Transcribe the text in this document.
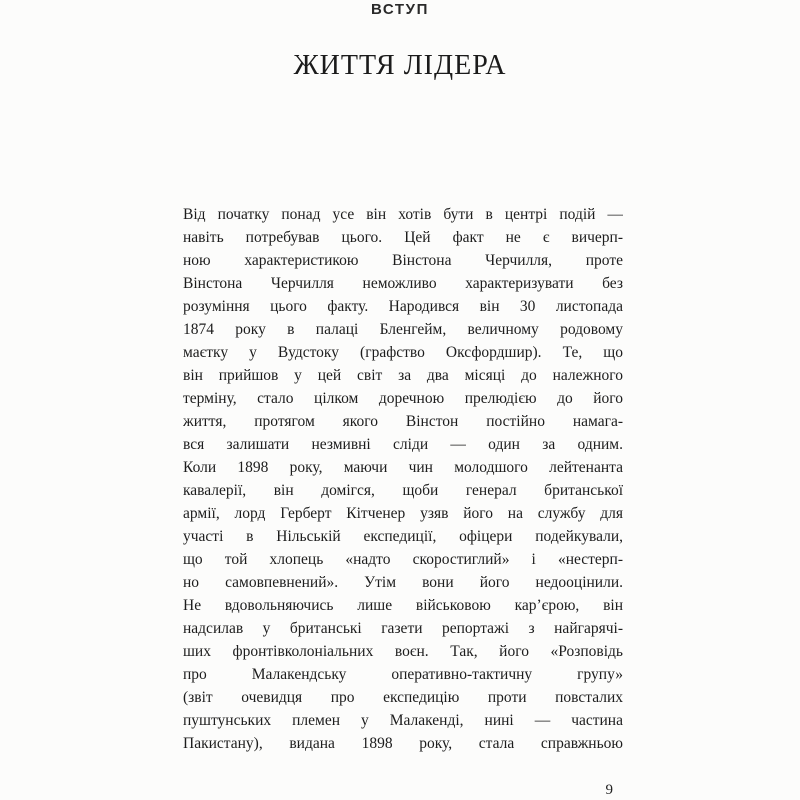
ВСТУП
ЖИТТЯ ЛІДЕРА
Від початку понад усе він хотів бути в центрі подій —
навіть потребував цього. Цей факт не є вичерп-
ною характеристикою Вінстона Черчилля, проте
Вінстона Черчилля неможливо характеризувати без
розуміння цього факту. Народився він 30 листопада
1874 року в палаці Бленгейм, величному родовому
маєтку у Вудстоку (графство Оксфордшир). Те, що
він прийшов у цей світ за два місяці до належного
терміну, стало цілком доречною прелюдією до його
життя, протягом якого Вінстон постійно намага-
вся залишати незмивні сліди — один за одним.
Коли 1898 року, маючи чин молодшого лейтенанта
кавалерії, він домігся, щоби генерал британської
армії, лорд Герберт Кітченер узяв його на службу для
участі в Нільській експедиції, офіцери подейкували,
що той хлопець «надто скоростиглий» і «нестерп-
но самовпевнений». Утім вони його недооцінили.
Не вдовольняючись лише військовою кар’єрою, він
надсилав у британські газети репортажі з найгарячі-
ших фронтівколоніальних воєн. Так, його «Розповідь
про Малакендську оперативно-тактичну групу»
(звіт очевидця про експедицію проти повсталих
пуштунських племен у Малакенді, нині — частина
Пакистану), видана 1898 року, стала справжньою
9
